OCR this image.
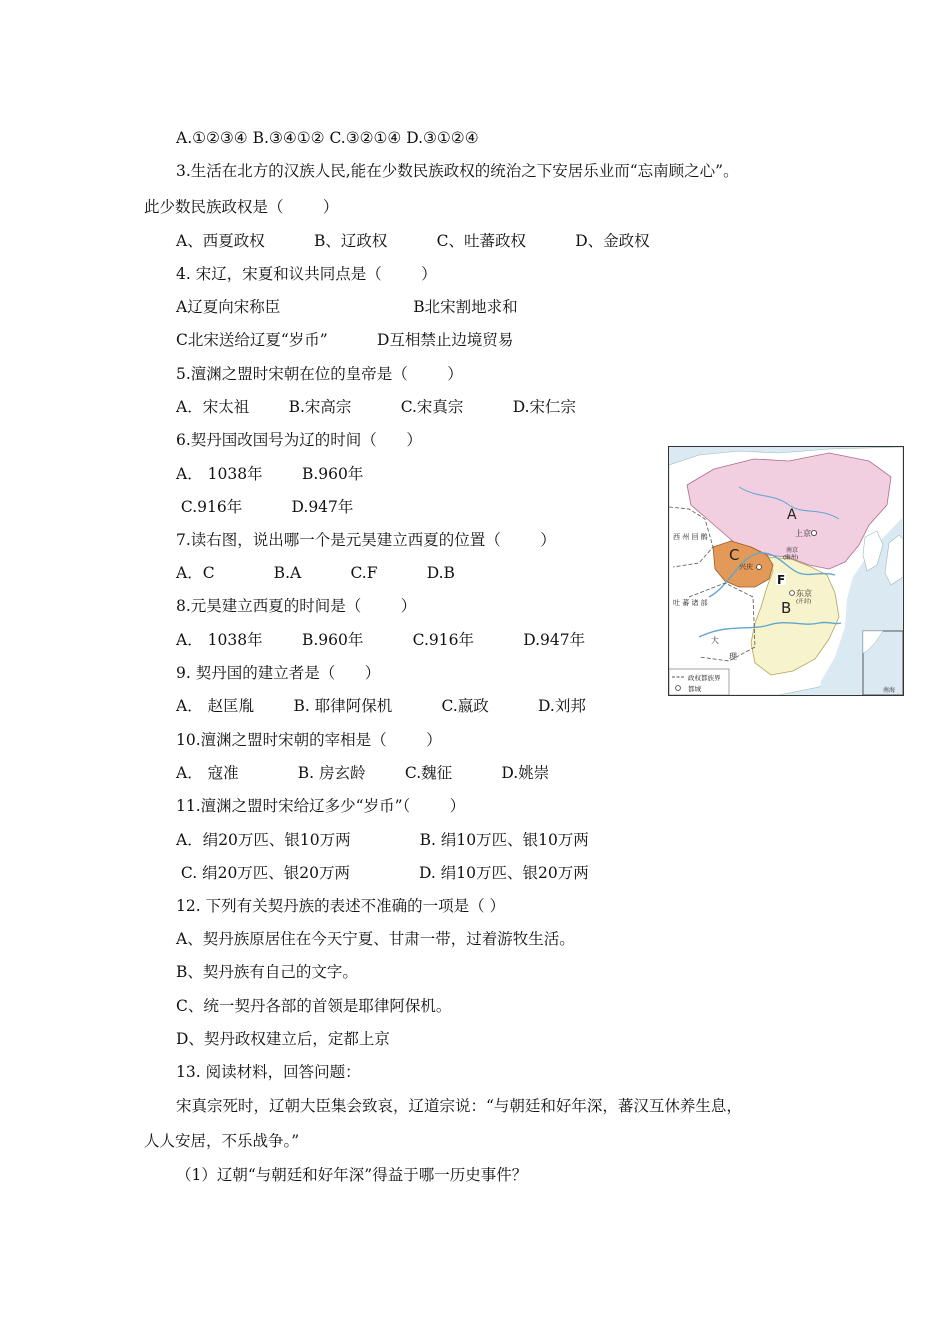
A.①②③④ B.③④①② C.③②①④ D.③①②④
3.生活在北方的汉族人民,能在少数民族政权的统治之下安居乐业而“忘南顾之心”。
此少数民族政权是（        ）
A、西夏政权          B、辽政权          C、吐蕃政权          D、金政权
4. 宋辽，宋夏和议共同点是（        ）
A辽夏向宋称臣                           B北宋割地求和
C北宋送给辽夏“岁币”          D互相禁止边境贸易
5.澶渊之盟时宋朝在位的皇帝是（        ）
A．宋太祖        B.宋高宗          C.宋真宗          D.宋仁宗
6.契丹国改国号为辽的时间（      ）
A． 1038年        B.960年
C.916年          D.947年
7.读右图，说出哪一个是元昊建立西夏的位置（        ）
A．C            B.A          C.F          D.B
8.元昊建立西夏的时间是（        ）
A． 1038年        B.960年          C.916年          D.947年
9. 契丹国的建立者是（      ）
A． 赵匡胤        B. 耶律阿保机          C.嬴政          D.刘邦
10.澶渊之盟时宋朝的宰相是（        ）
A． 寇准            B. 房玄龄        C.魏征          D.姚崇
11.澶渊之盟时宋给辽多少“岁币”（        ）
A．绢20万匹、银10万两              B. 绢10万匹、银10万两
C. 绢20万匹、银20万两              D. 绢10万匹、银20万两
12. 下列有关契丹族的表述不准确的一项是（ ）
A、契丹族原居住在今天宁夏、甘肃一带，过着游牧生活。
B、契丹族有自己的文字。
C、统一契丹各部的首领是耶律阿保机。
D、契丹政权建立后，定都上京
13. 阅读材料，回答问题：
宋真宗死时，辽朝大臣集会致哀，辽道宗说：“与朝廷和好年深，蕃汉互休养生息，
人人安居，不乐战争。”
（1）辽朝“与朝廷和好年深”得益于哪一历史事件？
A
C
B
F
上京
南京
(幽州)
兴庆
东京
(开封)
西 州 回 鹘
吐 蕃 诸 部
大
理
南海
政权都族界
都城
